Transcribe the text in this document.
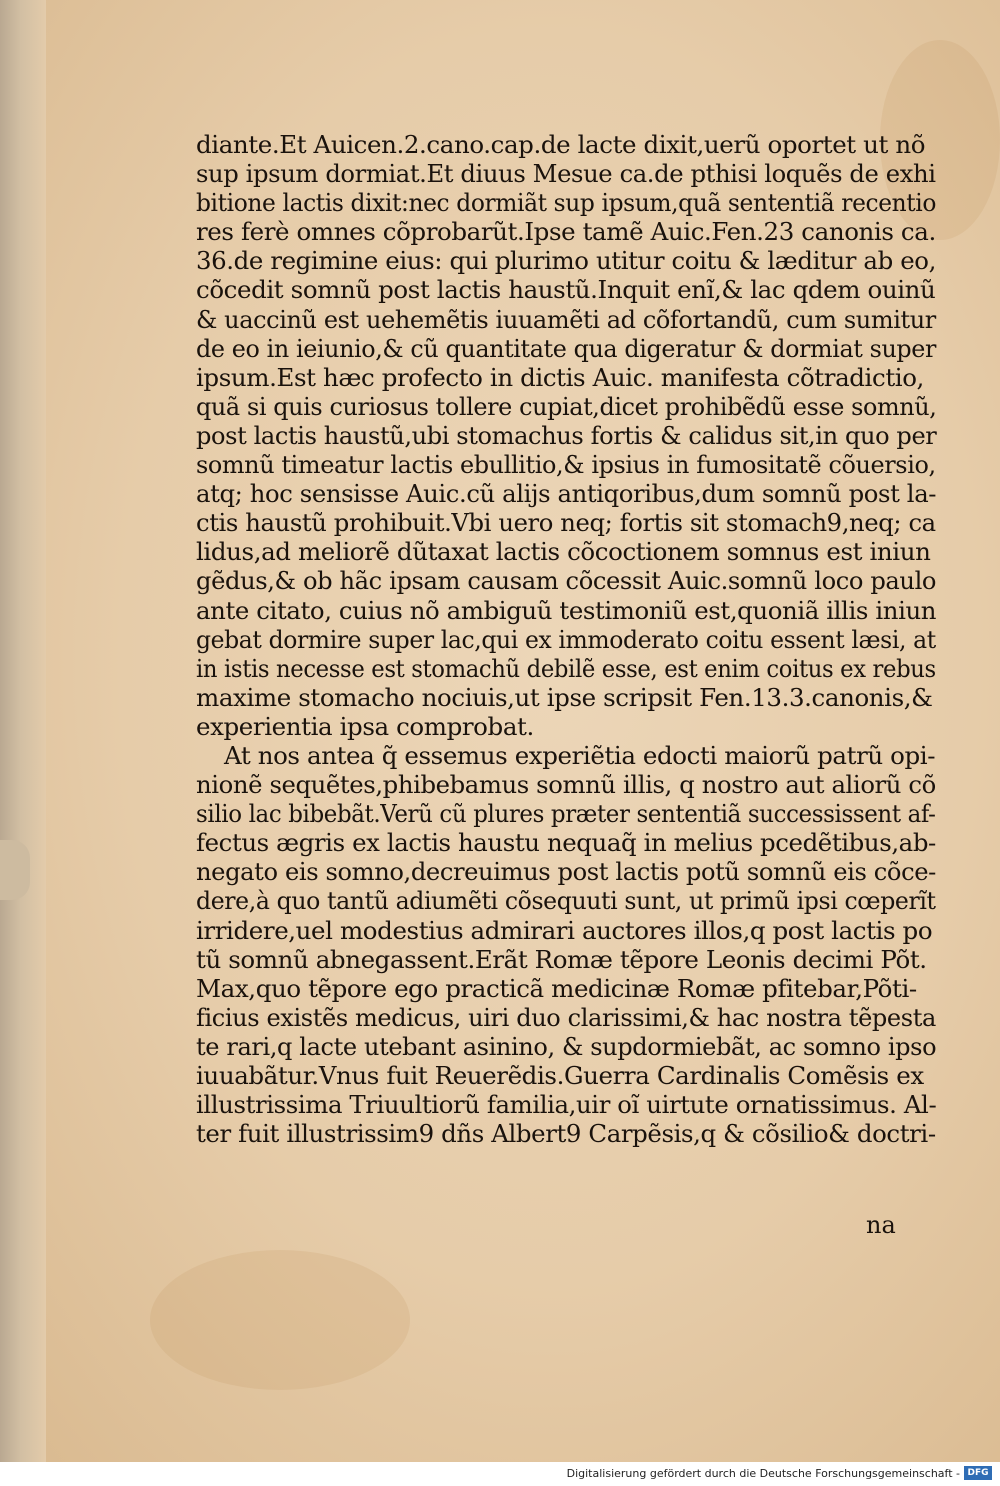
diante.Et Auicen.2.cano.cap.de lacte dixit,uerũ oportet ut nõ
sup ipsum dormiat.Et diuus Mesue ca.de pthisi loquẽs de exhi
bitione lactis dixit:nec dormiãt sup ipsum,quã sententiã recentio
res ferè omnes cõprobarũt.Ipse tamẽ Auic.Fen.23 canonis ca.
36.de regimine eius: qui plurimo utitur coitu & læditur ab eo,
cõcedit somnũ post lactis haustũ.Inquit enĩ,& lac qdem ouinũ
& uaccinũ est uehemẽtis iuuamẽti ad cõfortandũ, cum sumitur
de eo in ieiunio,& cũ quantitate qua digeratur & dormiat super
ipsum.Est hæc profecto in dictis Auic. manifesta cõtradictio,
quã si quis curiosus tollere cupiat,dicet prohibẽdũ esse somnũ,
post lactis haustũ,ubi stomachus fortis & calidus sit,in quo per
somnũ timeatur lactis ebullitio,& ipsius in fumositatẽ cõuersio,
atq; hoc sensisse Auic.cũ alijs antiqoribus,dum somnũ post la-
ctis haustũ prohibuit.Vbi uero neq; fortis sit stomach9,neq; ca
lidus,ad meliorẽ dũtaxat lactis cõcoctionem somnus est iniun
gẽdus,& ob hãc ipsam causam cõcessit Auic.somnũ loco paulo
ante citato, cuius nõ ambiguũ testimoniũ est,quoniã illis iniun
gebat dormire super lac,qui ex immoderato coitu essent læsi, at
in istis necesse est stomachũ debilẽ esse, est enim coitus ex rebus
maxime stomacho nociuis,ut ipse scripsit Fen.13.3.canonis,&
experientia ipsa comprobat.
At nos antea q̃ essemus experiẽtia edocti maiorũ patrũ opi-
nionẽ sequẽtes,phibebamus somnũ illis, q nostro aut aliorũ cõ
silio lac bibebãt.Verũ cũ plures præter sententiã successissent af-
fectus ægris ex lactis haustu nequaq̃ in melius pcedẽtibus,ab-
negato eis somno,decreuimus post lactis potũ somnũ eis cõce-
dere,à quo tantũ adiumẽti cõsequuti sunt, ut primũ ipsi cœperĩt
irridere,uel modestius admirari auctores illos,q post lactis po
tũ somnũ abnegassent.Erãt Romæ tẽpore Leonis decimi Põt.
Max,quo tẽpore ego practicã medicinæ Romæ pfitebar,Põti-
ficius existẽs medicus, uiri duo clarissimi,& hac nostra tẽpesta
te rari,q lacte utebant asinino, & supdormiebãt, ac somno ipso
iuuabãtur.Vnus fuit Reuerẽdis.Guerra Cardinalis Comẽsis ex
illustrissima Triuultiorũ familia,uir oĩ uirtute ornatissimus. Al-
ter fuit illustrissim9 dñs Albert9 Carpẽsis,q & cõsilio& doctri-
na
Digitalisierung gefördert durch die Deutsche Forschungsgemeinschaft - DFG
